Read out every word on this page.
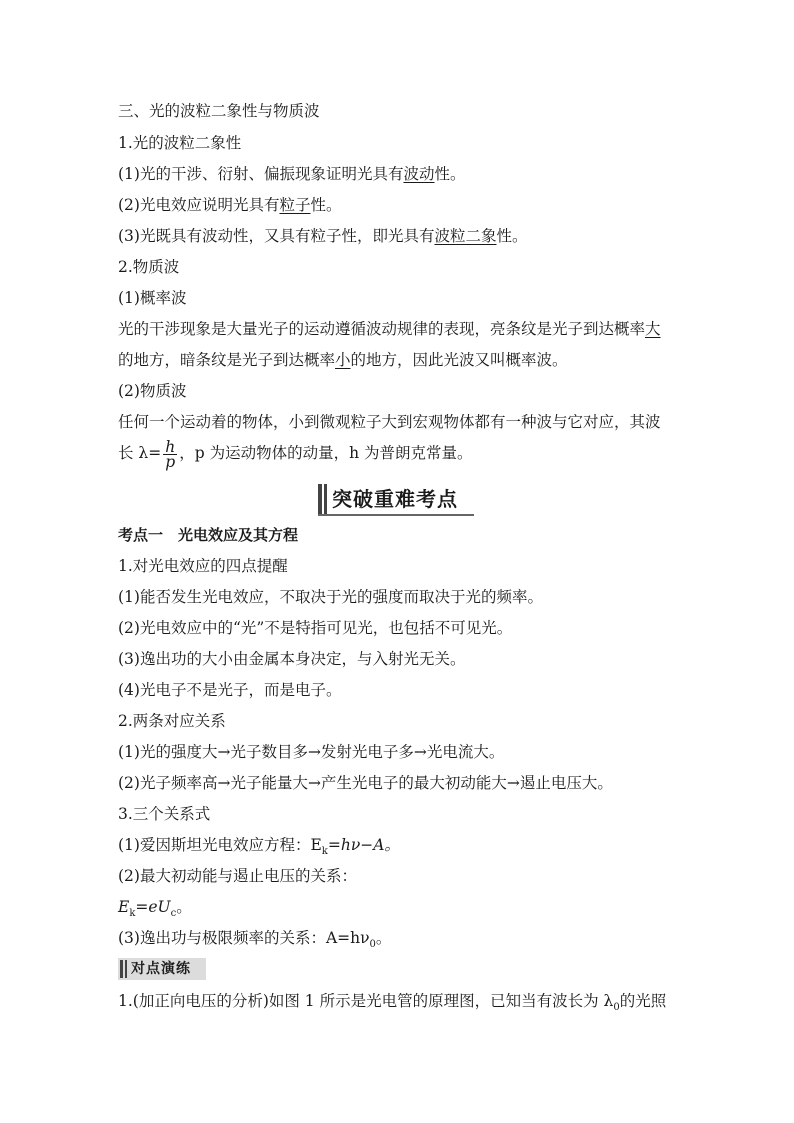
三、光的波粒二象性与物质波
1.光的波粒二象性
(1)光的干涉、衍射、偏振现象证明光具有波动性。
(2)光电效应说明光具有粒子性。
(3)光既具有波动性，又具有粒子性，即光具有波粒二象性。
2.物质波
(1)概率波
光的干涉现象是大量光子的运动遵循波动规律的表现，亮条纹是光子到达概率大
的地方，暗条纹是光子到达概率小的地方，因此光波又叫概率波。
(2)物质波
任何一个运动着的物体，小到微观粒子大到宏观物体都有一种波与它对应，其波
长 $\lambda= \frac{h}{p}$ ，p 为运动物体的动量，h 为普朗克常量。
突破重难考点
考点一　光电效应及其方程
1.对光电效应的四点提醒
(1)能否发生光电效应，不取决于光的强度而取决于光的频率。
(2)光电效应中的“光”不是特指可见光，也包括不可见光。
(3)逸出功的大小由金属本身决定，与入射光无关。
(4)光电子不是光子，而是电子。
2.两条对应关系
(1)光的强度大→光子数目多→发射光电子多→光电流大。
(2)光子频率高→光子能量大→产生光电子的最大初动能大→遏止电压大。
3.三个关系式
(1)爱因斯坦光电效应方程：$E_k=h\nu-A$。
(2)最大初动能与遏止电压的关系：
$E_k=eU_c$。
(3)逸出功与极限频率的关系：$A=h\nu_0$。
对点演练
1.(加正向电压的分析)如图 1 所示是光电管的原理图，已知当有波长为 $\lambda_0$的光照
